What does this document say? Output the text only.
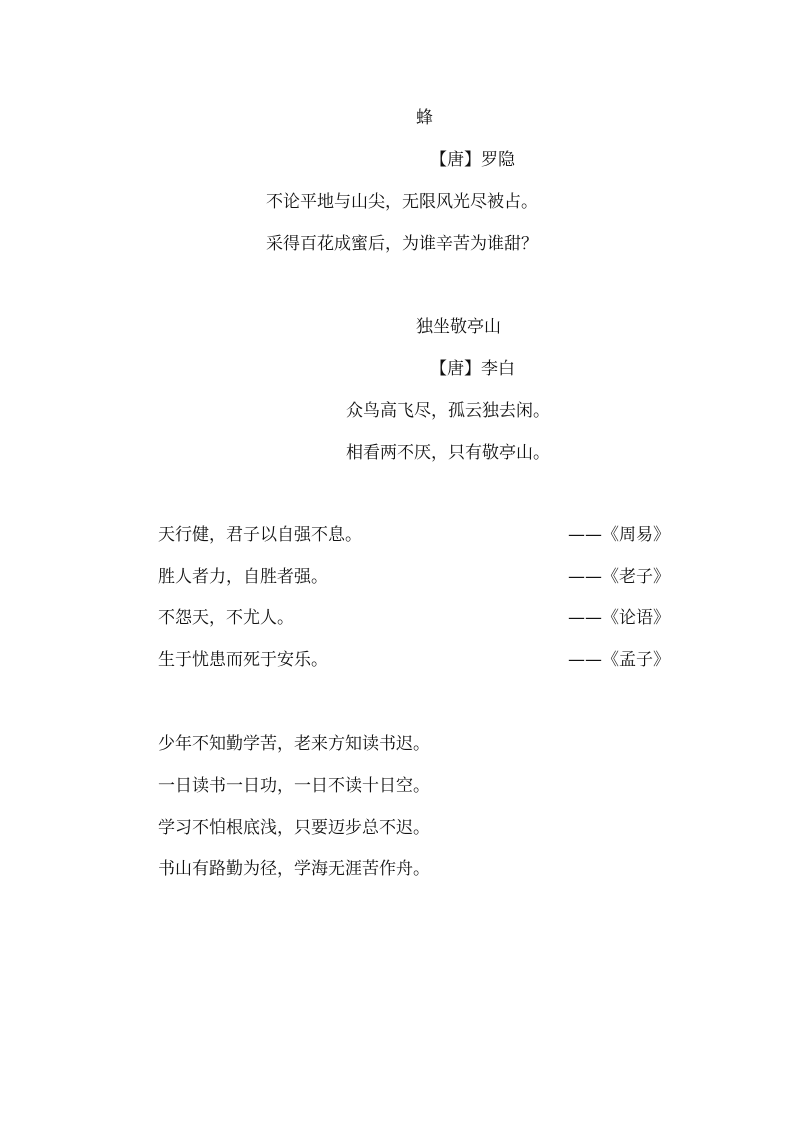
蜂
【唐】罗隐
不论平地与山尖，无限风光尽被占。
采得百花成蜜后，为谁辛苦为谁甜？
独坐敬亭山
【唐】李白
众鸟高飞尽，孤云独去闲。
相看两不厌，只有敬亭山。
天行健，君子以自强不息。	——《周易》
胜人者力，自胜者强。	——《老子》
不怨天，不尤人。	——《论语》
生于忧患而死于安乐。	——《孟子》
少年不知勤学苦，老来方知读书迟。
一日读书一日功，一日不读十日空。
学习不怕根底浅，只要迈步总不迟。
书山有路勤为径，学海无涯苦作舟。
